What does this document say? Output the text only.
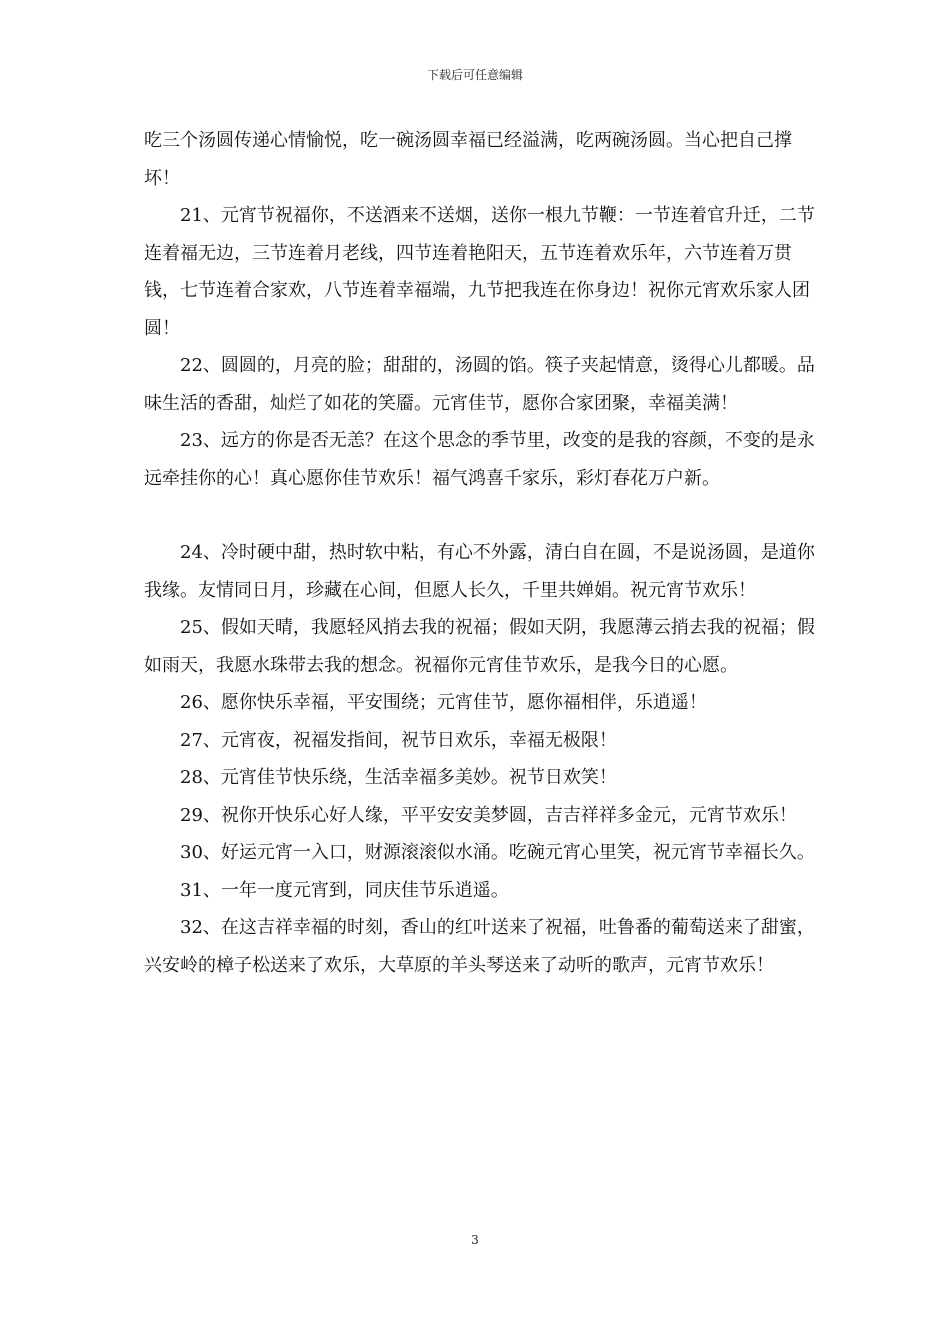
下载后可任意编辑

吃三个汤圆传递心情愉悦，吃一碗汤圆幸福已经溢满，吃两碗汤圆。当心把自己撑坏！

21、元宵节祝福你，不送酒来不送烟，送你一根九节鞭：一节连着官升迁，二节连着福无边，三节连着月老线，四节连着艳阳天，五节连着欢乐年，六节连着万贯钱，七节连着合家欢，八节连着幸福端，九节把我连在你身边！祝你元宵欢乐家人团圆！

22、圆圆的，月亮的脸；甜甜的，汤圆的馅。筷子夹起情意，烫得心儿都暖。品味生活的香甜，灿烂了如花的笑靥。元宵佳节，愿你合家团聚，幸福美满！

23、远方的你是否无恙？在这个思念的季节里，改变的是我的容颜，不变的是永远牵挂你的心！真心愿你佳节欢乐！福气鸿喜千家乐，彩灯春花万户新。

24、冷时硬中甜，热时软中粘，有心不外露，清白自在圆，不是说汤圆，是道你我缘。友情同日月，珍藏在心间，但愿人长久，千里共婵娟。祝元宵节欢乐！

25、假如天晴，我愿轻风捎去我的祝福；假如天阴，我愿薄云捎去我的祝福；假如雨天，我愿水珠带去我的想念。祝福你元宵佳节欢乐，是我今日的心愿。

26、愿你快乐幸福，平安围绕；元宵佳节，愿你福相伴，乐逍遥！

27、元宵夜，祝福发指间，祝节日欢乐，幸福无极限！

28、元宵佳节快乐绕，生活幸福多美妙。祝节日欢笑！

29、祝你开快乐心好人缘，平平安安美梦圆，吉吉祥祥多金元，元宵节欢乐！

30、好运元宵一入口，财源滚滚似水涌。吃碗元宵心里笑，祝元宵节幸福长久。

31、一年一度元宵到，同庆佳节乐逍遥。

32、在这吉祥幸福的时刻，香山的红叶送来了祝福，吐鲁番的葡萄送来了甜蜜，兴安岭的樟子松送来了欢乐，大草原的羊头琴送来了动听的歌声，元宵节欢乐！

3
